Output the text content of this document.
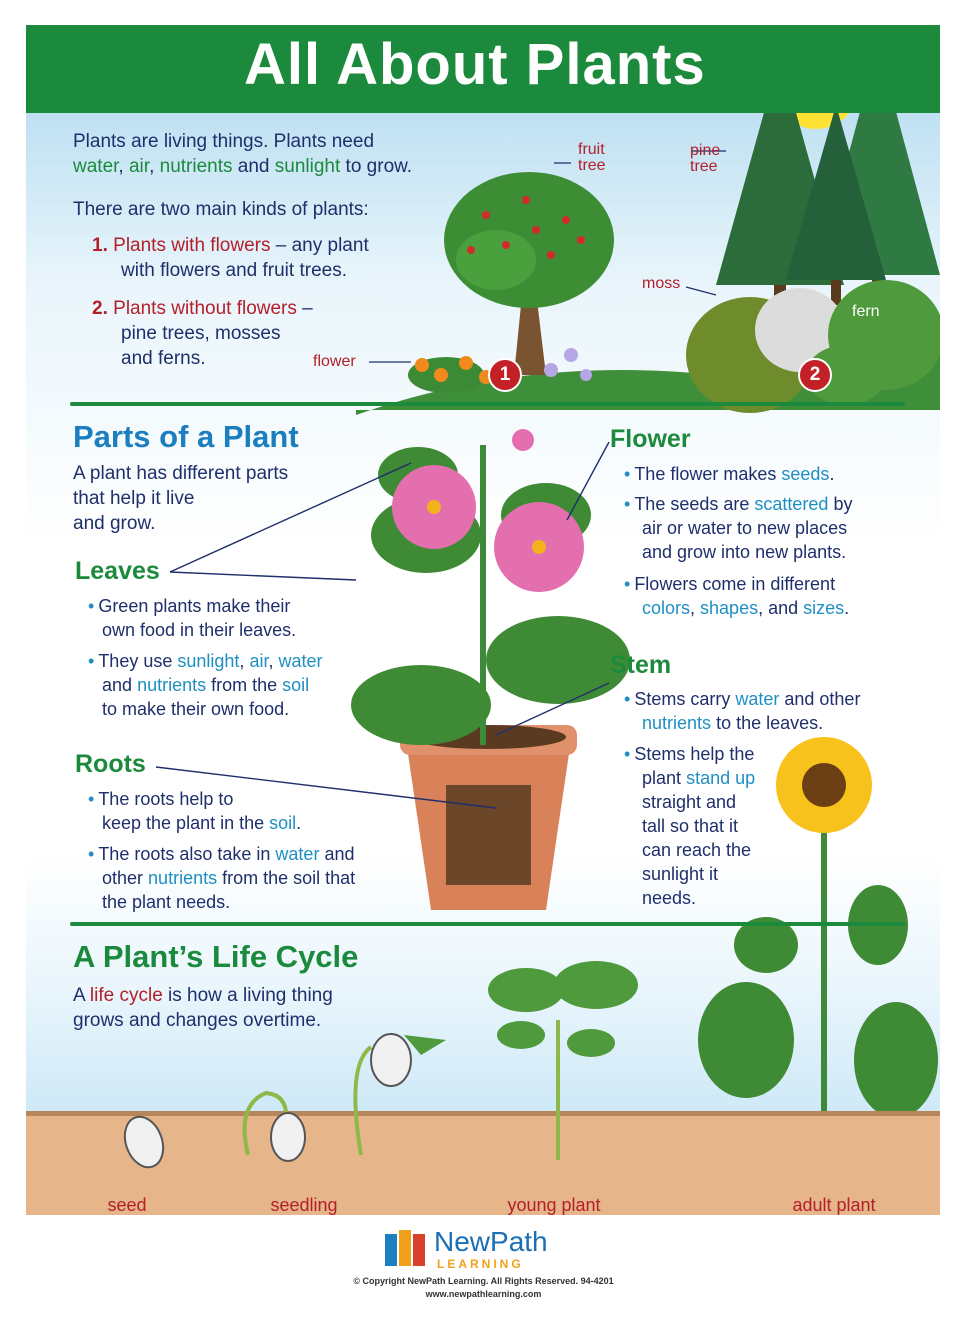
All About Plants
Plants are living things. Plants need
water, air, nutrients and sunlight to grow.
There are two main kinds of plants:
1. Plants with flowers – any plant
with flowers and fruit trees.
2. Plants without flowers –
pine trees, mosses
and ferns.
fruit
tree
pine
tree
moss
fern
flower
1	2
Parts of a Plant
A plant has different parts
that help it live
and grow.
Leaves
• Green plants make their
own food in their leaves.
• They use sunlight, air, water
and nutrients from the soil
to make their own food.
Roots
• The roots help to
keep the plant in the soil.
• The roots also take in water and
other nutrients from the soil that
the plant needs.
Flower
• The flower makes seeds.
• The seeds are scattered by
air or water to new places
and grow into new plants.
• Flowers come in different
colors, shapes, and sizes.
Stem
• Stems carry water and other
nutrients to the leaves.
• Stems help the
plant stand up
straight and
tall so that it
can reach the
sunlight it
needs.
A Plant’s Life Cycle
A life cycle is how a living thing
grows and changes overtime.
seed	seedling	young plant	adult plant
NewPath
LEARNING
© Copyright NewPath Learning. All Rights Reserved. 94-4201
www.newpathlearning.com
